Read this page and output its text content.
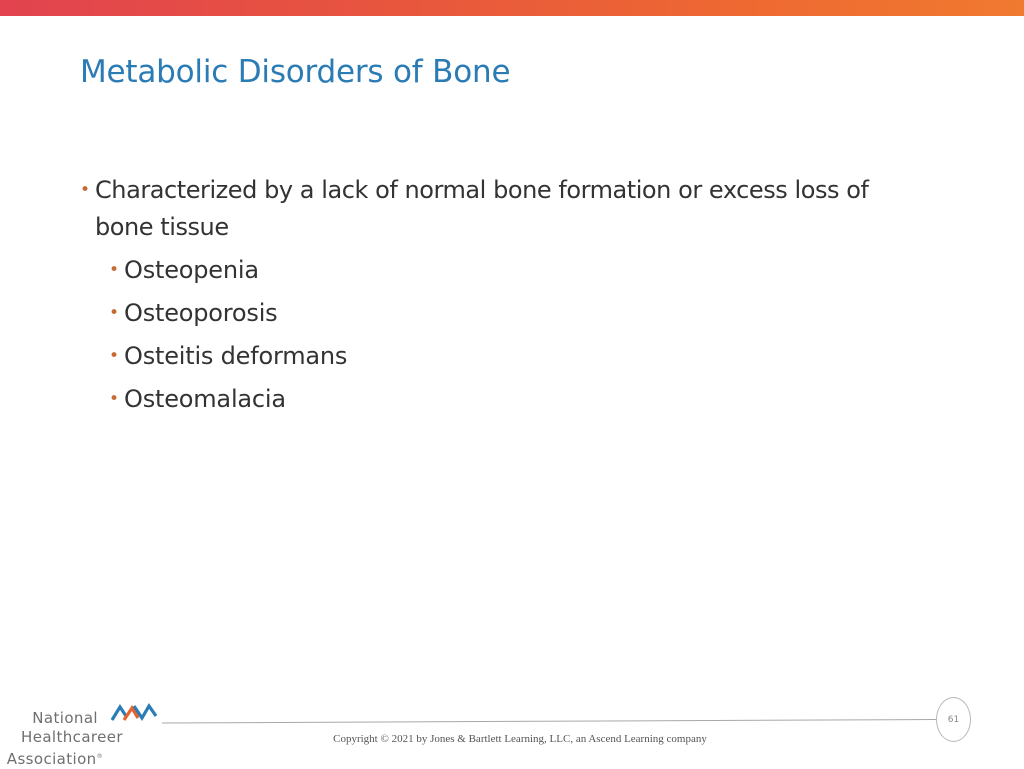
Metabolic Disorders of Bone
• Characterized by a lack of normal bone formation or excess loss of bone tissue
• Osteopenia
• Osteoporosis
• Osteitis deformans
• Osteomalacia
National
Healthcareer
Association®
61
Copyright © 2021 by Jones & Bartlett Learning, LLC, an Ascend Learning company
